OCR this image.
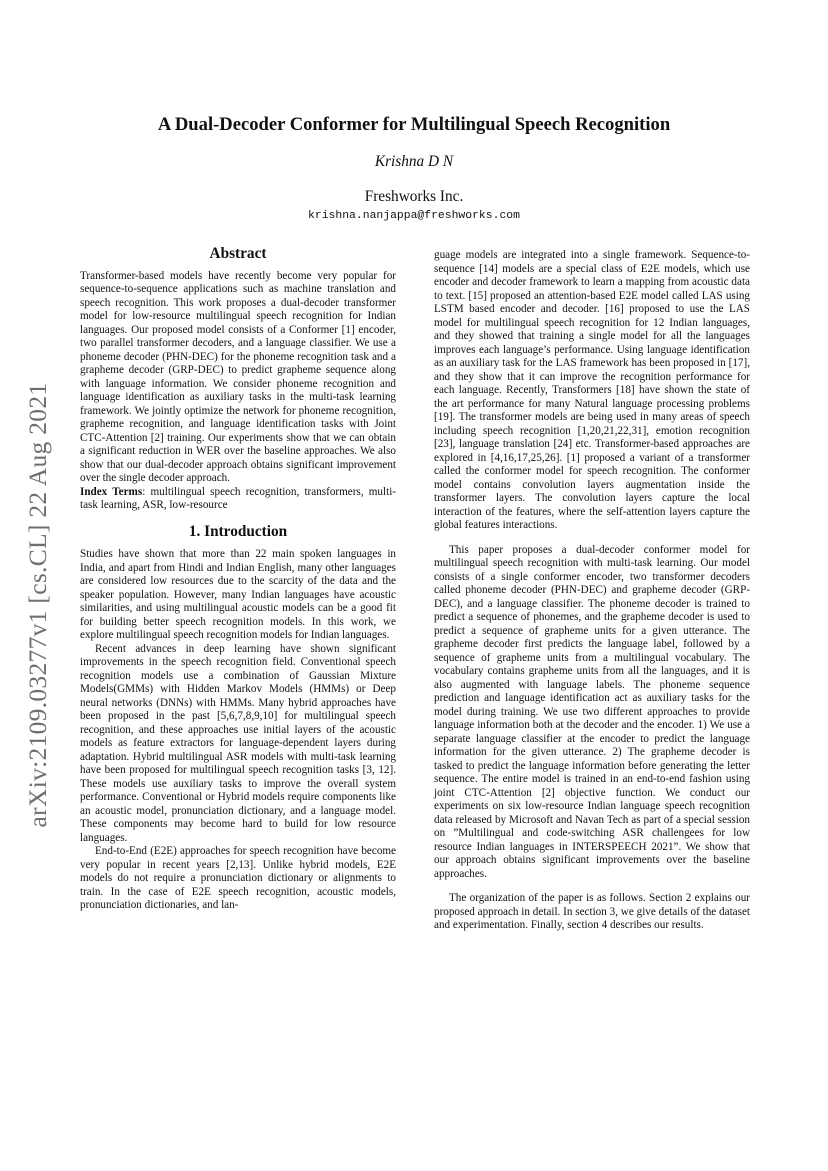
arXiv:2109.03277v1 [cs.CL] 22 Aug 2021
A Dual-Decoder Conformer for Multilingual Speech Recognition
Krishna D N
Freshworks Inc.
krishna.nanjappa@freshworks.com
Abstract

Transformer-based models have recently become very popular for sequence-to-sequence applications such as machine translation and speech recognition. This work proposes a dual-decoder transformer model for low-resource multilingual speech recognition for Indian languages. Our proposed model consists of a Conformer [1] encoder, two parallel transformer decoders, and a language classifier. We use a phoneme decoder (PHN-DEC) for the phoneme recognition task and a grapheme decoder (GRP-DEC) to predict grapheme sequence along with language information. We consider phoneme recognition and language identification as auxiliary tasks in the multi-task learning framework. We jointly optimize the network for phoneme recognition, grapheme recognition, and language identification tasks with Joint CTC-Attention [2] training. Our experiments show that we can obtain a significant reduction in WER over the baseline approaches. We also show that our dual-decoder approach obtains significant improvement over the single decoder approach.

Index Terms: multilingual speech recognition, transformers, multi-task learning, ASR, low-resource

1. Introduction

Studies have shown that more than 22 main spoken languages in India, and apart from Hindi and Indian English, many other languages are considered low resources due to the scarcity of the data and the speaker population. However, many Indian languages have acoustic similarities, and using multilingual acoustic models can be a good fit for building better speech recognition models. In this work, we explore multilingual speech recognition models for Indian languages.

Recent advances in deep learning have shown significant improvements in the speech recognition field. Conventional speech recognition models use a combination of Gaussian Mixture Models(GMMs) with Hidden Markov Models (HMMs) or Deep neural networks (DNNs) with HMMs. Many hybrid approaches have been proposed in the past [5,6,7,8,9,10] for multilingual speech recognition, and these approaches use initial layers of the acoustic models as feature extractors for language-dependent layers during adaptation. Hybrid multilingual ASR models with multi-task learning have been proposed for multilingual speech recognition tasks [3, 12]. These models use auxiliary tasks to improve the overall system performance. Conventional or Hybrid models require components like an acoustic model, pronunciation dictionary, and a language model. These components may become hard to build for low resource languages.

End-to-End (E2E) approaches for speech recognition have become very popular in recent years [2,13]. Unlike hybrid models, E2E models do not require a pronunciation dictionary or alignments to train. In the case of E2E speech recognition, acoustic models, pronunciation dictionaries, and lan-

guage models are integrated into a single framework. Sequence-to-sequence [14] models are a special class of E2E models, which use encoder and decoder framework to learn a mapping from acoustic data to text. [15] proposed an attention-based E2E model called LAS using LSTM based encoder and decoder. [16] proposed to use the LAS model for multilingual speech recognition for 12 Indian languages, and they showed that training a single model for all the languages improves each language’s performance. Using language identification as an auxiliary task for the LAS framework has been proposed in [17], and they show that it can improve the recognition performance for each language. Recently, Transformers [18] have shown the state of the art performance for many Natural language processing problems [19]. The transformer models are being used in many areas of speech including speech recognition [1,20,21,22,31], emotion recognition [23], language translation [24] etc. Transformer-based approaches are explored in [4,16,17,25,26]. [1] proposed a variant of a transformer called the conformer model for speech recognition. The conformer model contains convolution layers augmentation inside the transformer layers. The convolution layers capture the local interaction of the features, where the self-attention layers capture the global features interactions.

This paper proposes a dual-decoder conformer model for multilingual speech recognition with multi-task learning. Our model consists of a single conformer encoder, two transformer decoders called phoneme decoder (PHN-DEC) and grapheme decoder (GRP-DEC), and a language classifier. The phoneme decoder is trained to predict a sequence of phonemes, and the grapheme decoder is used to predict a sequence of grapheme units for a given utterance. The grapheme decoder first predicts the language label, followed by a sequence of grapheme units from a multilingual vocabulary. The vocabulary contains grapheme units from all the languages, and it is also augmented with language labels. The phoneme sequence prediction and language identification act as auxiliary tasks for the model during training. We use two different approaches to provide language information both at the decoder and the encoder. 1) We use a separate language classifier at the encoder to predict the language information for the given utterance. 2) The grapheme decoder is tasked to predict the language information before generating the letter sequence. The entire model is trained in an end-to-end fashion using joint CTC-Attention [2] objective function. We conduct our experiments on six low-resource Indian language speech recognition data released by Microsoft and Navan Tech as part of a special session on ”Multilingual and code-switching ASR challengees for low resource Indian languages in INTERSPEECH 2021”. We show that our approach obtains significant improvements over the baseline approaches.

The organization of the paper is as follows. Section 2 explains our proposed approach in detail. In section 3, we give details of the dataset and experimentation. Finally, section 4 describes our results.
